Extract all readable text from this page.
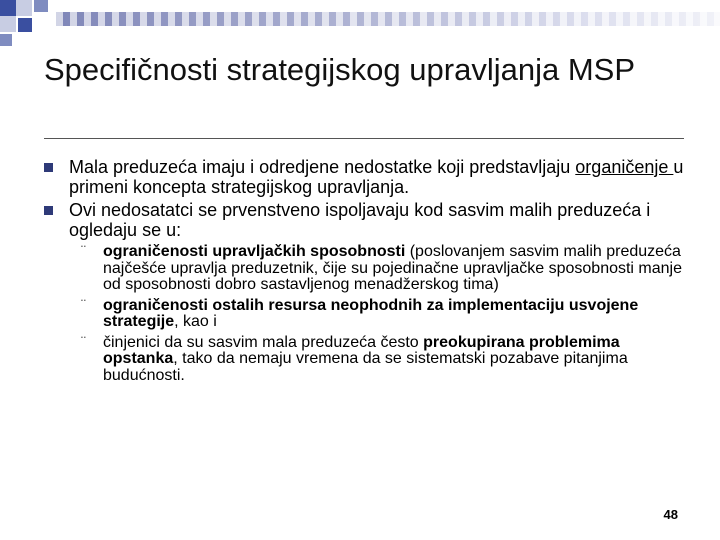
Specifičnosti strategijskog upravljanja MSP
Mala preduzeća imaju i odredjene nedostatke koji predstavljaju organičenje u primeni koncepta strategijskog upravljanja.
Ovi nedosatatci se prvenstveno ispoljavaju kod sasvim malih preduzeća i ogledaju se u:
¨ ograničenosti upravljačkih sposobnosti (poslovanjem sasvim malih preduzeća najčešće upravlja preduzetnik, čije su pojedinačne upravljačke sposobnosti manje od sposobnosti dobro sastavljenog menadžerskog tima)
¨ ograničenosti ostalih resursa neophodnih za implementaciju usvojene strategije, kao i
¨ činjenici da su sasvim mala preduzeća često preokupirana problemima opstanka, tako da nemaju vremena da se sistematski pozabave pitanjima budućnosti.
48
